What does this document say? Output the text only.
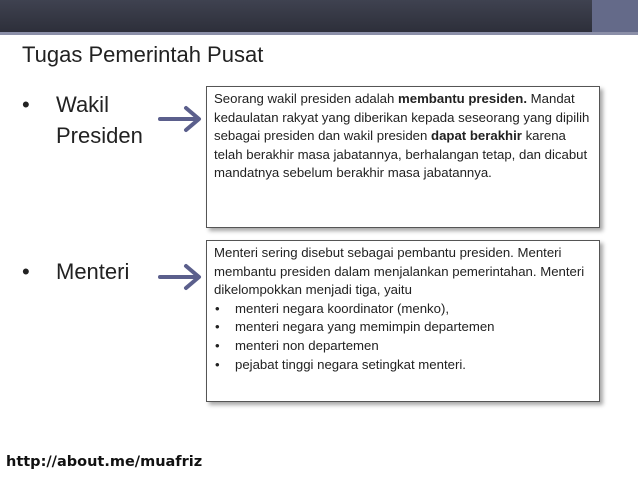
Tugas Pemerintah Pusat
• Wakil
Presiden
• Menteri

Seorang wakil presiden adalah membantu presiden. Mandat kedaulatan rakyat yang diberikan kepada seseorang yang dipilih sebagai presiden dan wakil presiden dapat berakhir karena telah berakhir masa jabatannya, berhalangan tetap, dan dicabut mandatnya sebelum berakhir masa jabatannya.

Menteri sering disebut sebagai pembantu presiden. Menteri membantu presiden dalam menjalankan pemerintahan. Menteri dikelompokkan menjadi tiga, yaitu

• menteri negara koordinator (menko),
• menteri negara yang memimpin departemen
• menteri non departemen
• pejabat tinggi negara setingkat menteri.
http://about.me/muafriz
